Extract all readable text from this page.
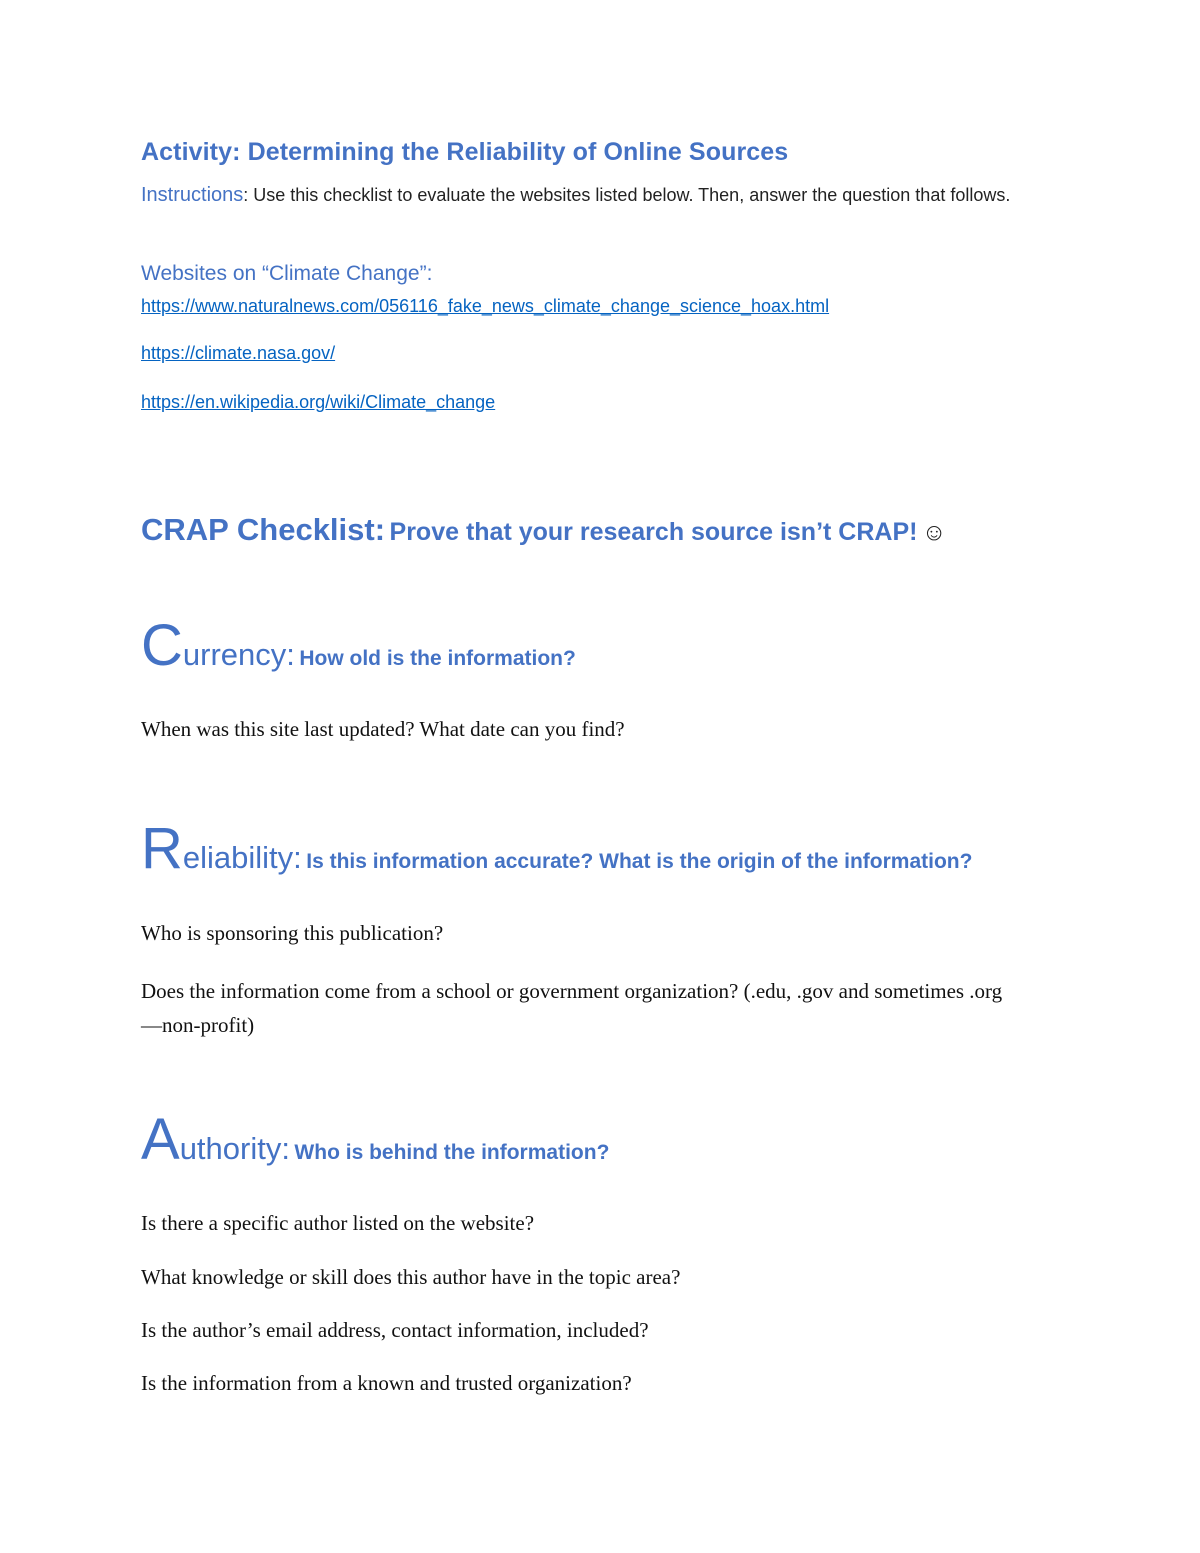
Activity: Determining the Reliability of Online Sources
Instructions: Use this checklist to evaluate the websites listed below. Then, answer the question that follows.
Websites on “Climate Change”:
https://www.naturalnews.com/056116_fake_news_climate_change_science_hoax.html
https://climate.nasa.gov/
https://en.wikipedia.org/wiki/Climate_change
CRAP Checklist: Prove that your research source isn’t CRAP! ☺
Currency: How old is the information?
When was this site last updated? What date can you find?
Reliability: Is this information accurate? What is the origin of the information?
Who is sponsoring this publication?
Does the information come from a school or government organization? (.edu, .gov and sometimes .org—non-profit)
Authority: Who is behind the information?
Is there a specific author listed on the website?
What knowledge or skill does this author have in the topic area?
Is the author’s email address, contact information, included?
Is the information from a known and trusted organization?
